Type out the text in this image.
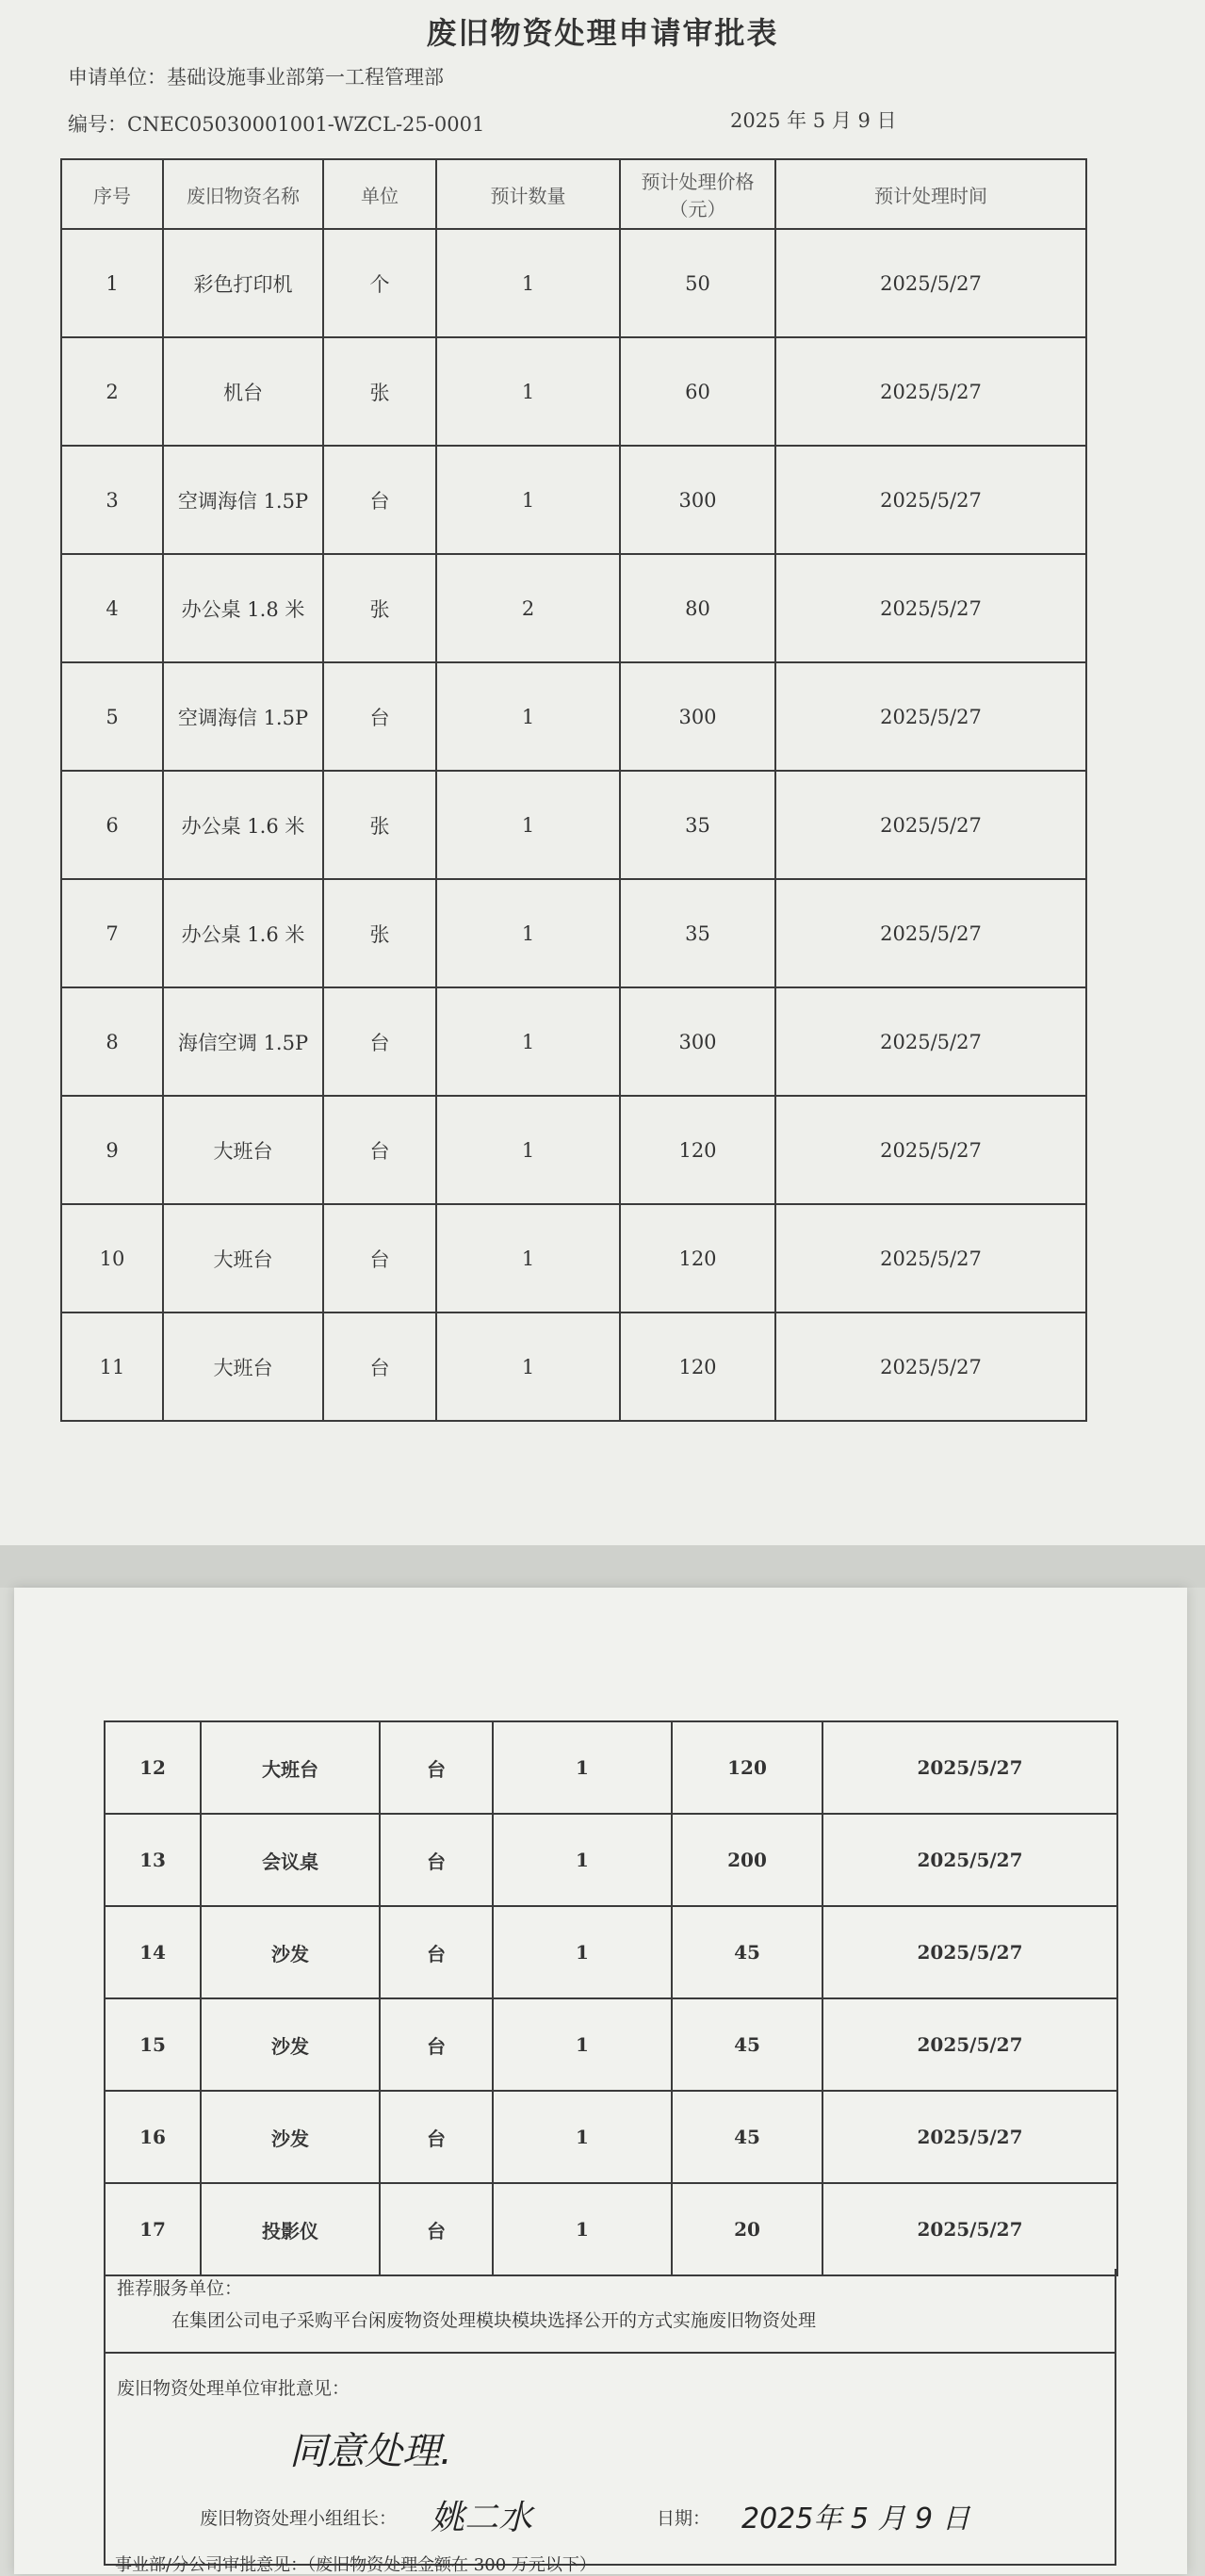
废旧物资处理申请审批表
申请单位：基础设施事业部第一工程管理部
编号：CNEC05030001001-WZCL-25-0001	2025 年 5 月 9 日
序号	废旧物资名称	单位	预计数量	预计处理价格（元）	预计处理时间
1	彩色打印机	个	1	50	2025/5/27
2	机台	张	1	60	2025/5/27
3	空调海信 1.5P	台	1	300	2025/5/27
4	办公桌 1.8 米	张	2	80	2025/5/27
5	空调海信 1.5P	台	1	300	2025/5/27
6	办公桌 1.6 米	张	1	35	2025/5/27
7	办公桌 1.6 米	张	1	35	2025/5/27
8	海信空调 1.5P	台	1	300	2025/5/27
9	大班台	台	1	120	2025/5/27
10	大班台	台	1	120	2025/5/27
11	大班台	台	1	120	2025/5/27
12	大班台	台	1	120	2025/5/27
13	会议桌	台	1	200	2025/5/27
14	沙发	台	1	45	2025/5/27
15	沙发	台	1	45	2025/5/27
16	沙发	台	1	45	2025/5/27
17	投影仪	台	1	20	2025/5/27
推荐服务单位：
在集团公司电子采购平台闲废物资处理模块模块选择公开的方式实施废旧物资处理
废旧物资处理单位审批意见：
同意处理.
废旧物资处理小组组长： 姚二水	日期： 2025年 5 月 9 日
事业部/分公司审批意见：（废旧物资处理金额在 300 万元以下）
